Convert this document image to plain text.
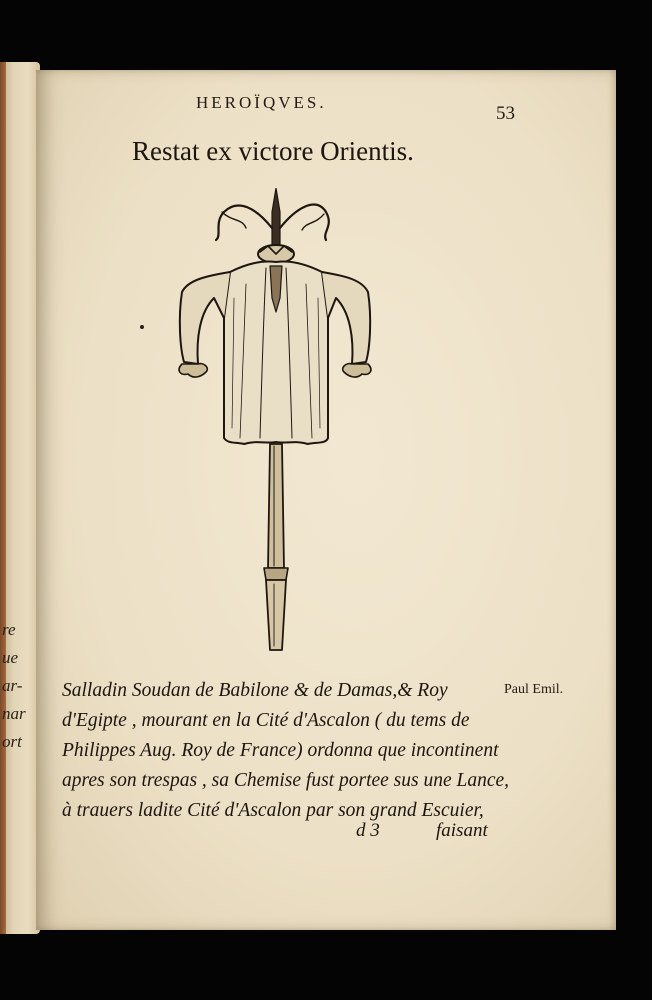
re
ue
ar-
nar
ort
HEROÏQVES.
53
Restat ex victore Orientis.
Salladin Soudan de Babilone & de Damas,& Roy
d'Egipte , mourant en la Cité d'Ascalon ( du tems de
Philippes Aug. Roy de France) ordonna que incontinent
apres son trespas , sa Chemise fust portee sus une Lance,
à trauers ladite Cité d'Ascalon par son grand Escuier,
Paul Emil.
d 3	faisant
